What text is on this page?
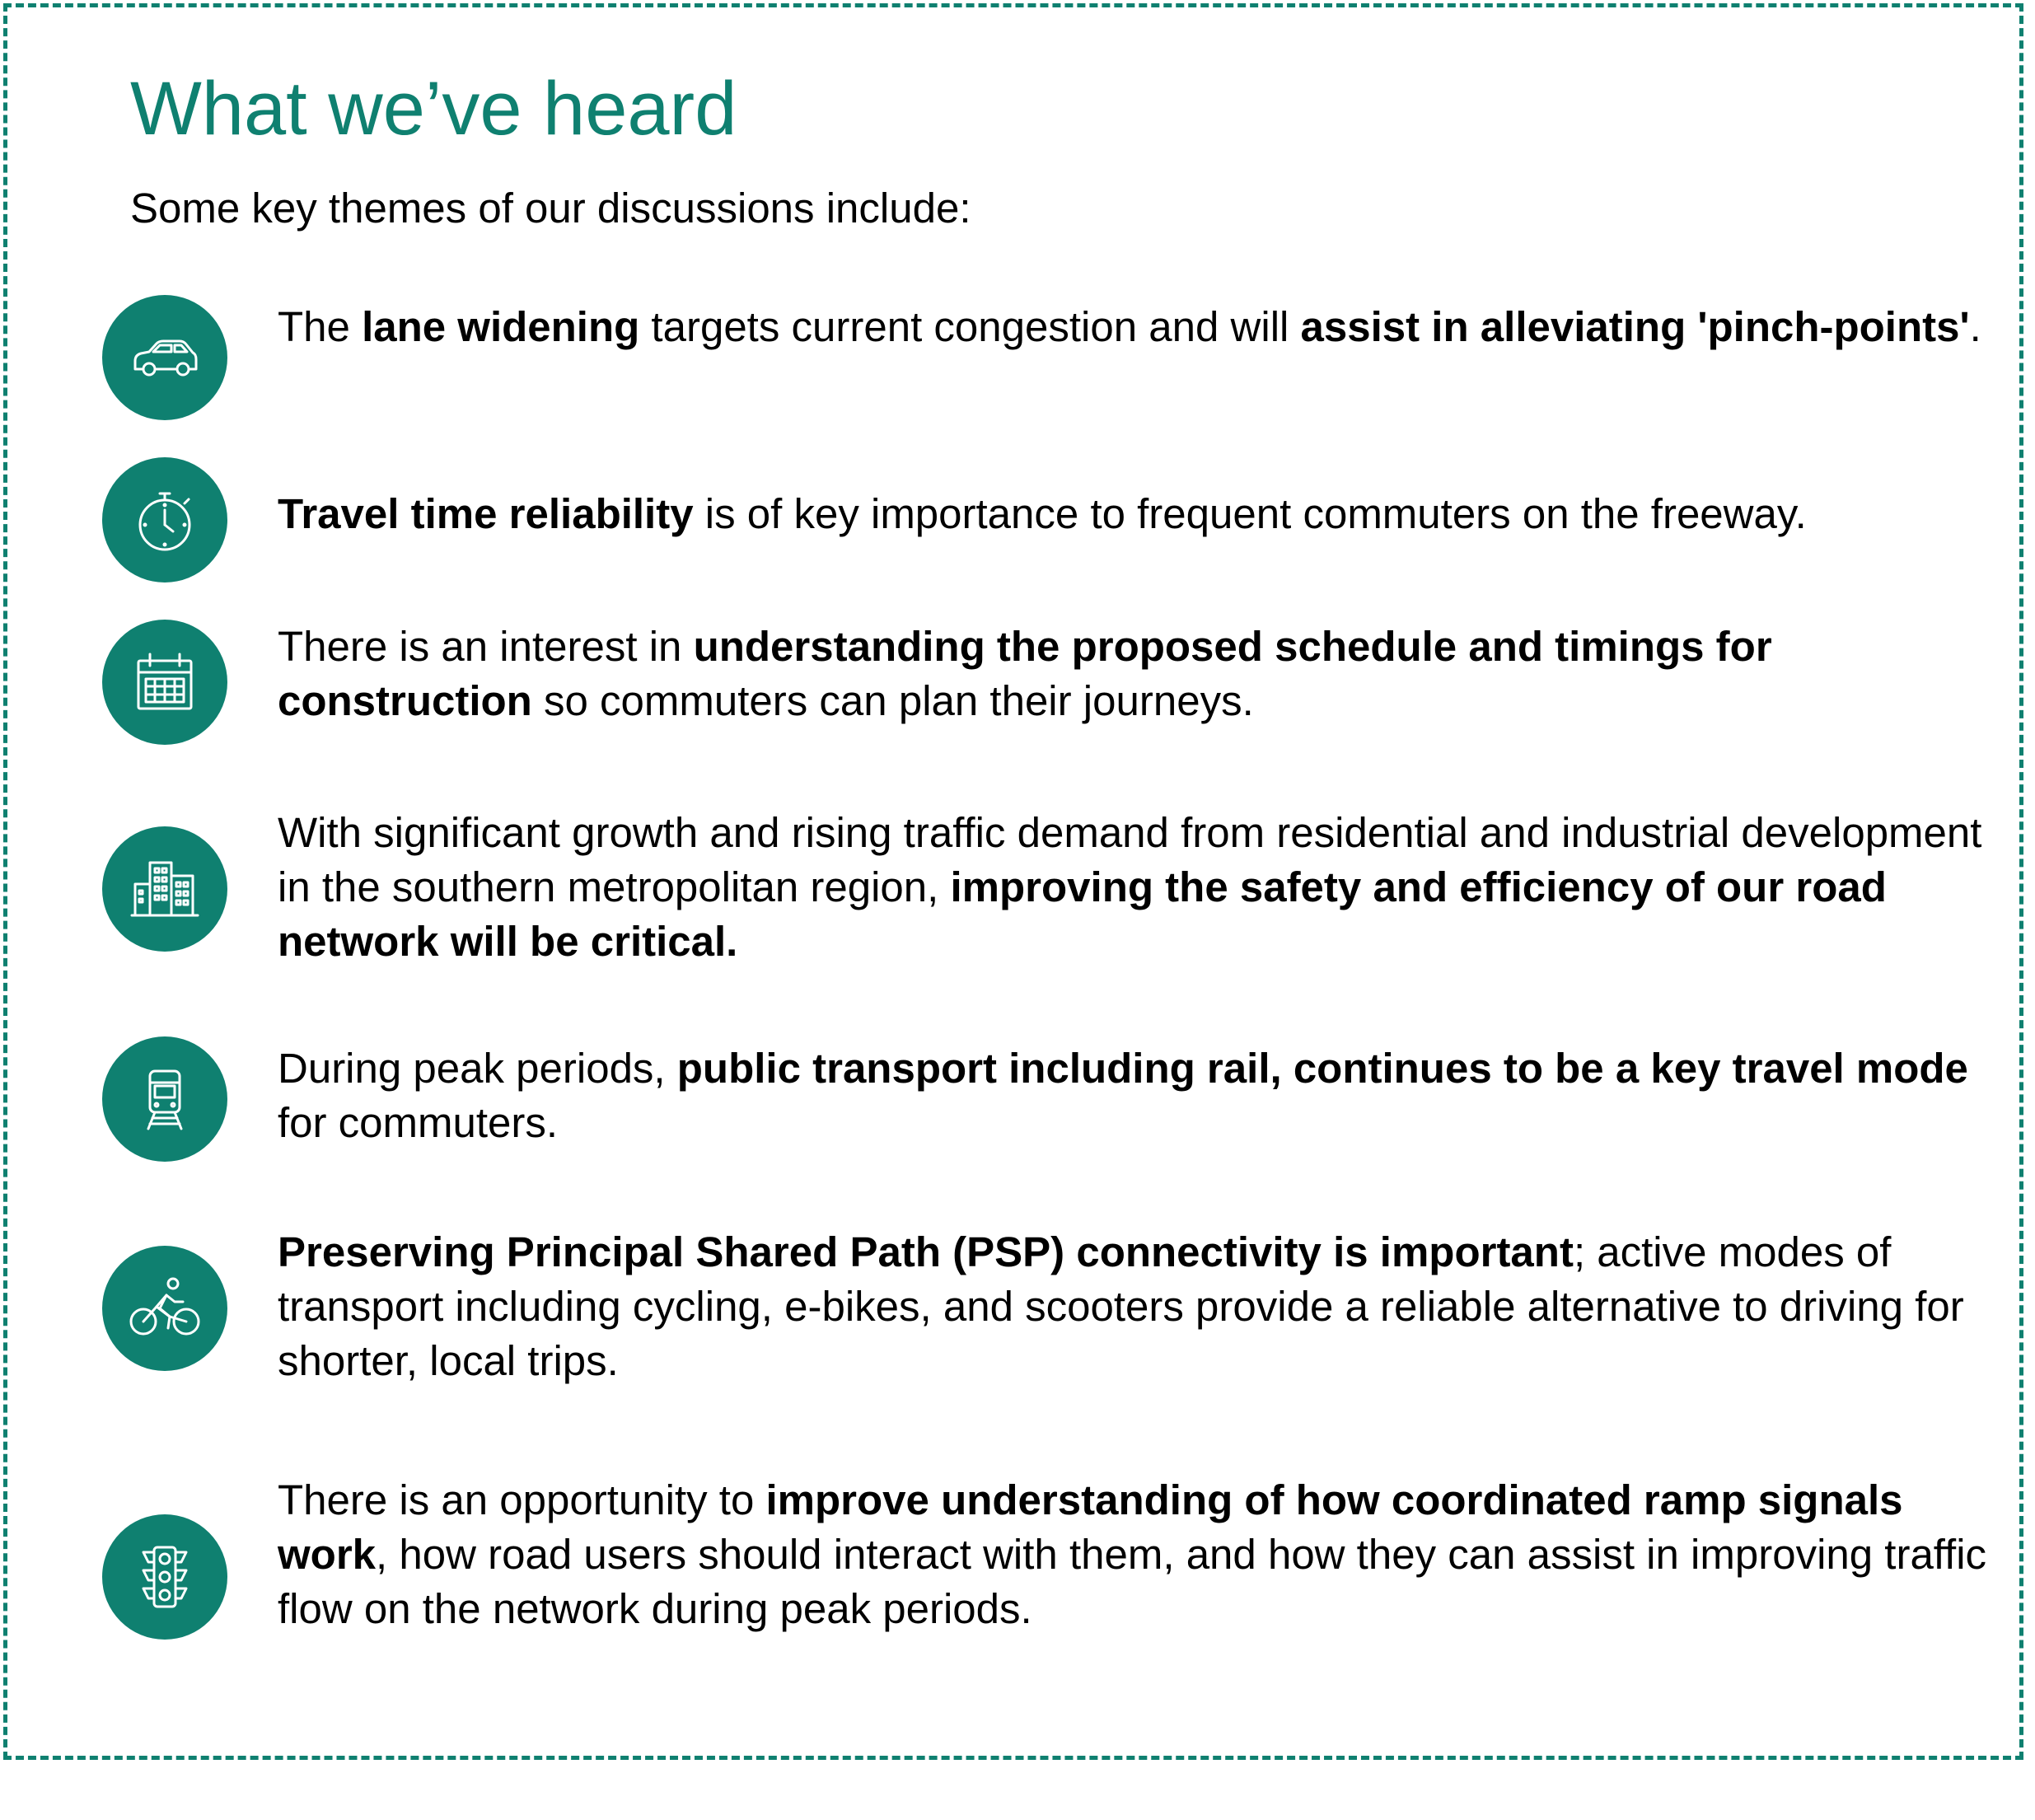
What we’ve heard

Some key themes of our discussions include:

The lane widening targets current congestion and will assist in alleviating 'pinch-points'.

Travel time reliability is of key importance to frequent commuters on the freeway.

There is an interest in understanding the proposed schedule and timings for construction so commuters can plan their journeys.

With significant growth and rising traffic demand from residential and industrial development in the southern metropolitan region, improving the safety and efficiency of our road network will be critical.

During peak periods, public transport including rail, continues to be a key travel mode for commuters.

Preserving Principal Shared Path (PSP) connectivity is important; active modes of transport including cycling, e-bikes, and scooters provide a reliable alternative to driving for shorter, local trips.

There is an opportunity to improve understanding of how coordinated ramp signals work, how road users should interact with them, and how they can assist in improving traffic flow on the network during peak periods.
